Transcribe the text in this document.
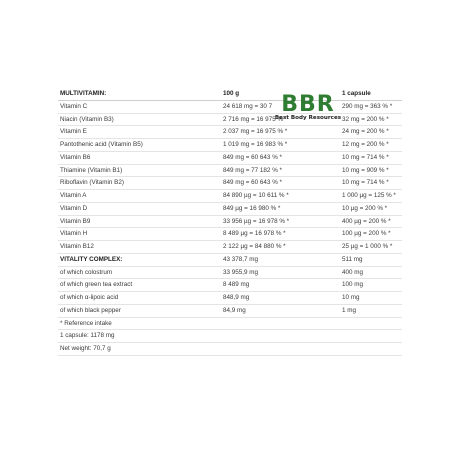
MULTIVITAMIN:	100 g	1 capsule
Vitamin C	24 618 mg = 30 7	290 mg = 363 % *
Niacin (Vitamin B3)	2 716 mg = 16 975 %	32 mg = 200 % *
Vitamin E	2 037 mg = 16 975 % *	24 mg = 200 % *
Pantothenic acid (Vitamin B5)	1 019 mg = 16 983 % *	12 mg = 200 % *
Vitamin B6	849 mg = 60 643 % *	10 mg = 714 % *
Thiamine (Vitamin B1)	849 mg = 77 182 % *	10 mg = 909 % *
Riboflavin (Vitamin B2)	849 mg = 60 643 % *	10 mg = 714 % *
Vitamin A	84 890 µg = 10 611 % *	1 000 µg = 125 % *
Vitamin D	849 µg = 16 980 % *	10 µg = 200 % *
Vitamin B9	33 956 µg = 16 978 % *	400 µg = 200 % *
Vitamin H	8 489 µg = 16 978 % *	100 µg = 200 % *
Vitamin B12	2 122 µg = 84 880 % *	25 µg = 1 000 % *
VITALITY COMPLEX:	43 378,7 mg	511 mg
of which colostrum	33 955,9 mg	400 mg
of which green tea extract	8 489 mg	100 mg
of which α-lipoic acid	848,9 mg	10 mg
of which black pepper	84,9 mg	1 mg
* Reference intake		
1 capsule: 1178 mg		
Net weight: 70,7 g		
BBR
Best Body Resources
